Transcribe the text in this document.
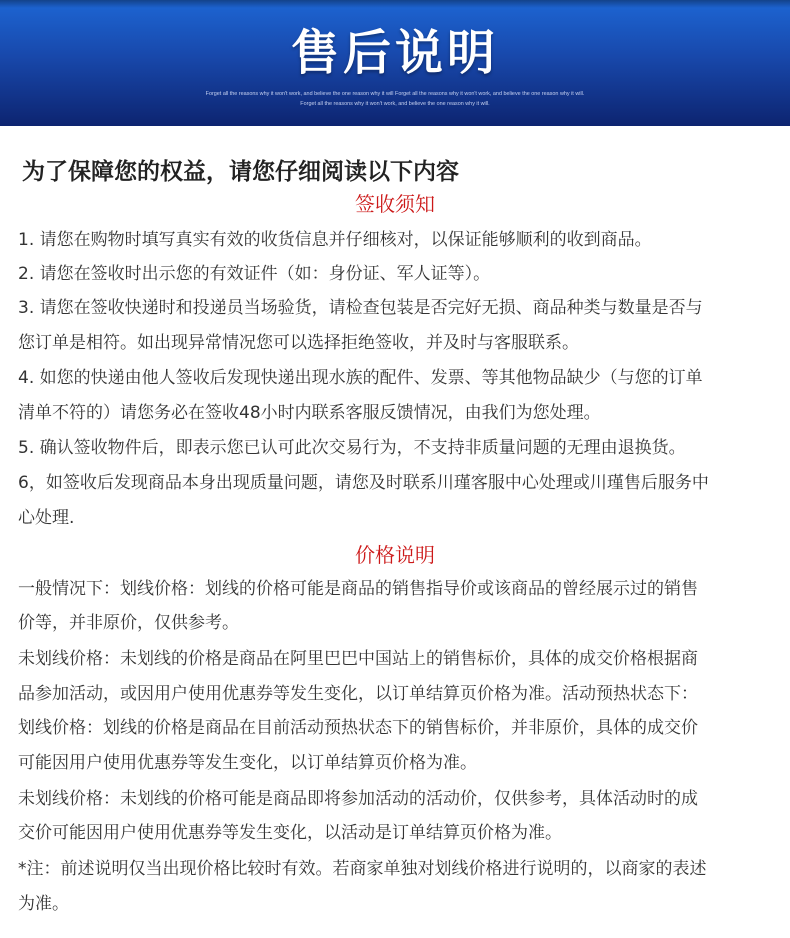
售后说明
Forget all the reasons why it won't work, and believe the one reason why it will Forget all the reasons why it won't work, and believe the one reason why it will.
Forget all the reasons why it won't work, and believe the one reason why it will.
为了保障您的权益，请您仔细阅读以下内容
签收须知
1. 请您在购物时填写真实有效的收货信息并仔细核对，以保证能够顺利的收到商品。
2. 请您在签收时出示您的有效证件（如：身份证、军人证等）。
3. 请您在签收快递时和投递员当场验货，请检查包装是否完好无损、商品种类与数量是否与
您订单是相符。如出现异常情况您可以选择拒绝签收，并及时与客服联系。
4. 如您的快递由他人签收后发现快递出现水族的配件、发票、等其他物品缺少（与您的订单
清单不符的）请您务必在签收48小时内联系客服反馈情况，由我们为您处理。
5. 确认签收物件后，即表示您已认可此次交易行为，不支持非质量问题的无理由退换货。
6，如签收后发现商品本身出现质量问题，请您及时联系川瑾客服中心处理或川瑾售后服务中
心处理.
价格说明
一般情况下：划线价格：划线的价格可能是商品的销售指导价或该商品的曾经展示过的销售
价等，并非原价，仅供参考。
未划线价格：未划线的价格是商品在阿里巴巴中国站上的销售标价，具体的成交价格根据商
品参加活动，或因用户使用优惠券等发生变化，以订单结算页价格为准。活动预热状态下：
划线价格：划线的价格是商品在目前活动预热状态下的销售标价，并非原价，具体的成交价
可能因用户使用优惠券等发生变化，以订单结算页价格为准。
未划线价格：未划线的价格可能是商品即将参加活动的活动价，仅供参考，具体活动时的成
交价可能因用户使用优惠券等发生变化，以活动是订单结算页价格为准。
*注：前述说明仅当出现价格比较时有效。若商家单独对划线价格进行说明的，以商家的表述
为准。
